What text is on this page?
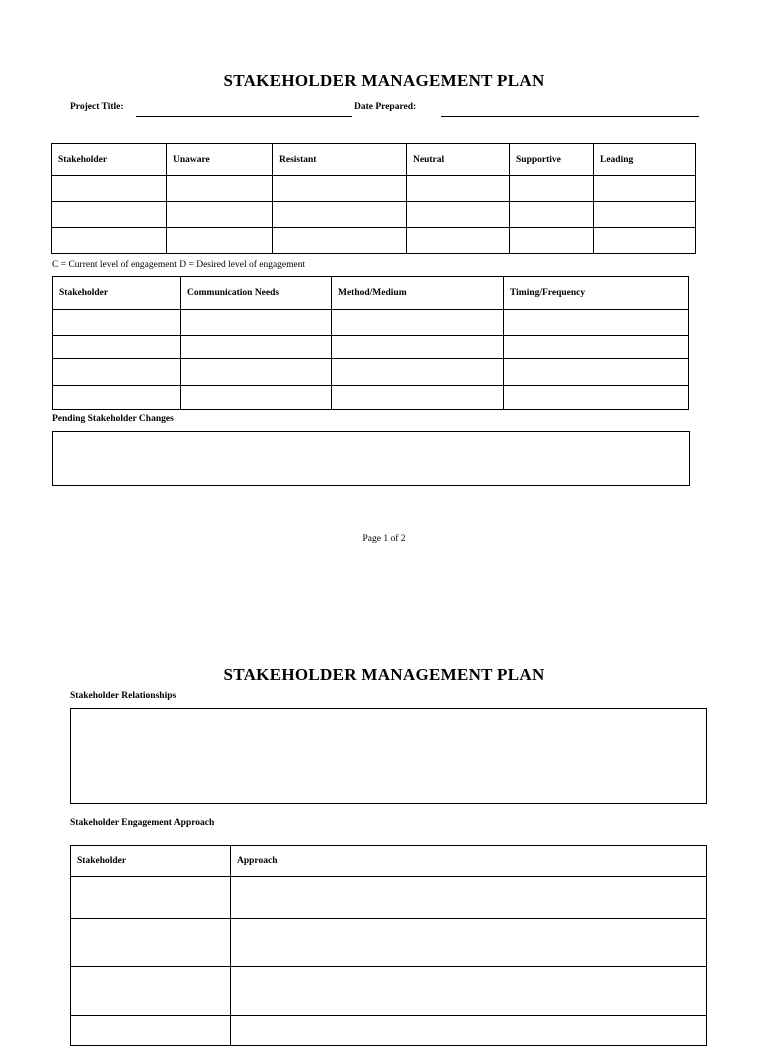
STAKEHOLDER MANAGEMENT PLAN
Project Title:	Date Prepared:
Stakeholder	Unaware	Resistant	Neutral	Supportive	Leading

C = Current level of engagement D = Desired level of engagement
Stakeholder	Communication Needs	Method/Medium	Timing/Frequency

Pending Stakeholder Changes
Page 1 of 2
STAKEHOLDER MANAGEMENT PLAN
Stakeholder Relationships
Stakeholder Engagement Approach
Stakeholder	Approach
